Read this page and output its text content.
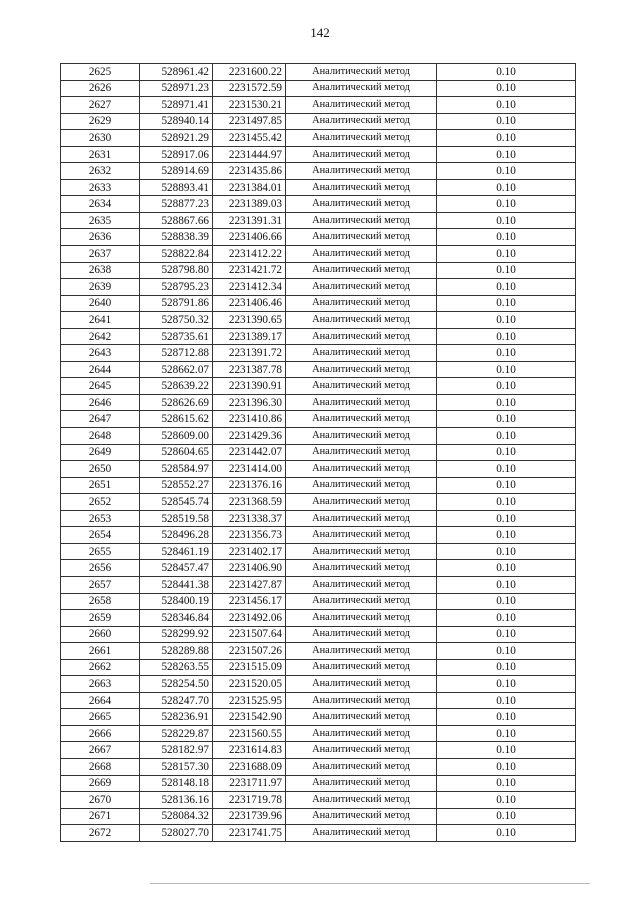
142
2625	528961.42	2231600.22	Аналитический метод	0.10
2626	528971.23	2231572.59	Аналитический метод	0.10
2627	528971.41	2231530.21	Аналитический метод	0.10
2629	528940.14	2231497.85	Аналитический метод	0.10
2630	528921.29	2231455.42	Аналитический метод	0.10
2631	528917.06	2231444.97	Аналитический метод	0.10
2632	528914.69	2231435.86	Аналитический метод	0.10
2633	528893.41	2231384.01	Аналитический метод	0.10
2634	528877.23	2231389.03	Аналитический метод	0.10
2635	528867.66	2231391.31	Аналитический метод	0.10
2636	528838.39	2231406.66	Аналитический метод	0.10
2637	528822.84	2231412.22	Аналитический метод	0.10
2638	528798.80	2231421.72	Аналитический метод	0.10
2639	528795.23	2231412.34	Аналитический метод	0.10
2640	528791.86	2231406.46	Аналитический метод	0.10
2641	528750.32	2231390.65	Аналитический метод	0.10
2642	528735.61	2231389.17	Аналитический метод	0.10
2643	528712.88	2231391.72	Аналитический метод	0.10
2644	528662.07	2231387.78	Аналитический метод	0.10
2645	528639.22	2231390.91	Аналитический метод	0.10
2646	528626.69	2231396.30	Аналитический метод	0.10
2647	528615.62	2231410.86	Аналитический метод	0.10
2648	528609.00	2231429.36	Аналитический метод	0.10
2649	528604.65	2231442.07	Аналитический метод	0.10
2650	528584.97	2231414.00	Аналитический метод	0.10
2651	528552.27	2231376.16	Аналитический метод	0.10
2652	528545.74	2231368.59	Аналитический метод	0.10
2653	528519.58	2231338.37	Аналитический метод	0.10
2654	528496.28	2231356.73	Аналитический метод	0.10
2655	528461.19	2231402.17	Аналитический метод	0.10
2656	528457.47	2231406.90	Аналитический метод	0.10
2657	528441.38	2231427.87	Аналитический метод	0.10
2658	528400.19	2231456.17	Аналитический метод	0.10
2659	528346.84	2231492.06	Аналитический метод	0.10
2660	528299.92	2231507.64	Аналитический метод	0.10
2661	528289.88	2231507.26	Аналитический метод	0.10
2662	528263.55	2231515.09	Аналитический метод	0.10
2663	528254.50	2231520.05	Аналитический метод	0.10
2664	528247.70	2231525.95	Аналитический метод	0.10
2665	528236.91	2231542.90	Аналитический метод	0.10
2666	528229.87	2231560.55	Аналитический метод	0.10
2667	528182.97	2231614.83	Аналитический метод	0.10
2668	528157.30	2231688.09	Аналитический метод	0.10
2669	528148.18	2231711.97	Аналитический метод	0.10
2670	528136.16	2231719.78	Аналитический метод	0.10
2671	528084.32	2231739.96	Аналитический метод	0.10
2672	528027.70	2231741.75	Аналитический метод	0.10
